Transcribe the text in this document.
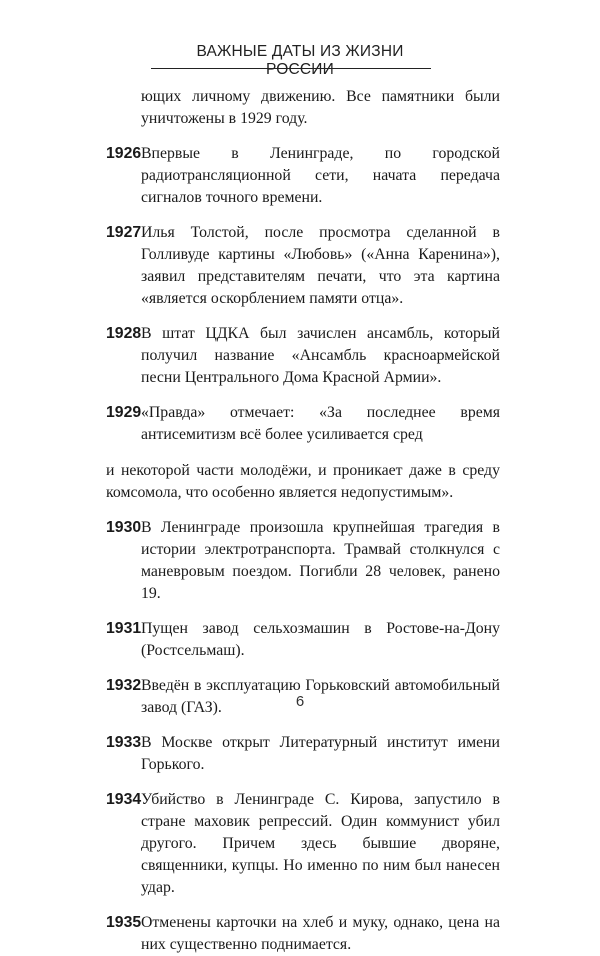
ВАЖНЫЕ ДАТЫ ИЗ ЖИЗНИ РОССИИ
ющих личному движению. Все памятники были уничтожены в 1929 году.
1926 Впервые в Ленинграде, по городской радиотрансляционной сети, начата передача сигналов точного времени.
1927 Илья Толстой, после просмотра сделанной в Голливуде картины «Любовь» («Анна Каренина»), заявил представителям печати, что эта картина «является оскорблением памяти отца».
1928 В штат ЦДКА был зачислен ансамбль, который получил название «Ансамбль красноармейской песни Центрального Дома Красной Армии».
1929 «Правда» отмечает: «За последнее время антисемитизм всё более усиливается сред
и некоторой части молодёжи, и проникает даже в среду комсомола, что особенно является недопустимым».
1930 В Ленинграде произошла крупнейшая трагедия в истории электротранспорта. Трамвай столкнулся с маневровым поездом. Погибли 28 человек, ранено 19.
1931 Пущен завод сельхозмашин в Ростове-на-Дону (Ростсельмаш).
1932 Введён в эксплуатацию Горьковский автомобильный завод (ГАЗ).
1933 В Москве открыт Литературный институт имени Горького.
1934 Убийство в Ленинграде С. Кирова, запустило в стране маховик репрессий. Один коммунист убил другого. Причем здесь бывшие дворяне, священники, купцы. Но именно по ним был нанесен удар.
1935 Отменены карточки на хлеб и муку, однако, цена на них существенно поднимается.
6
